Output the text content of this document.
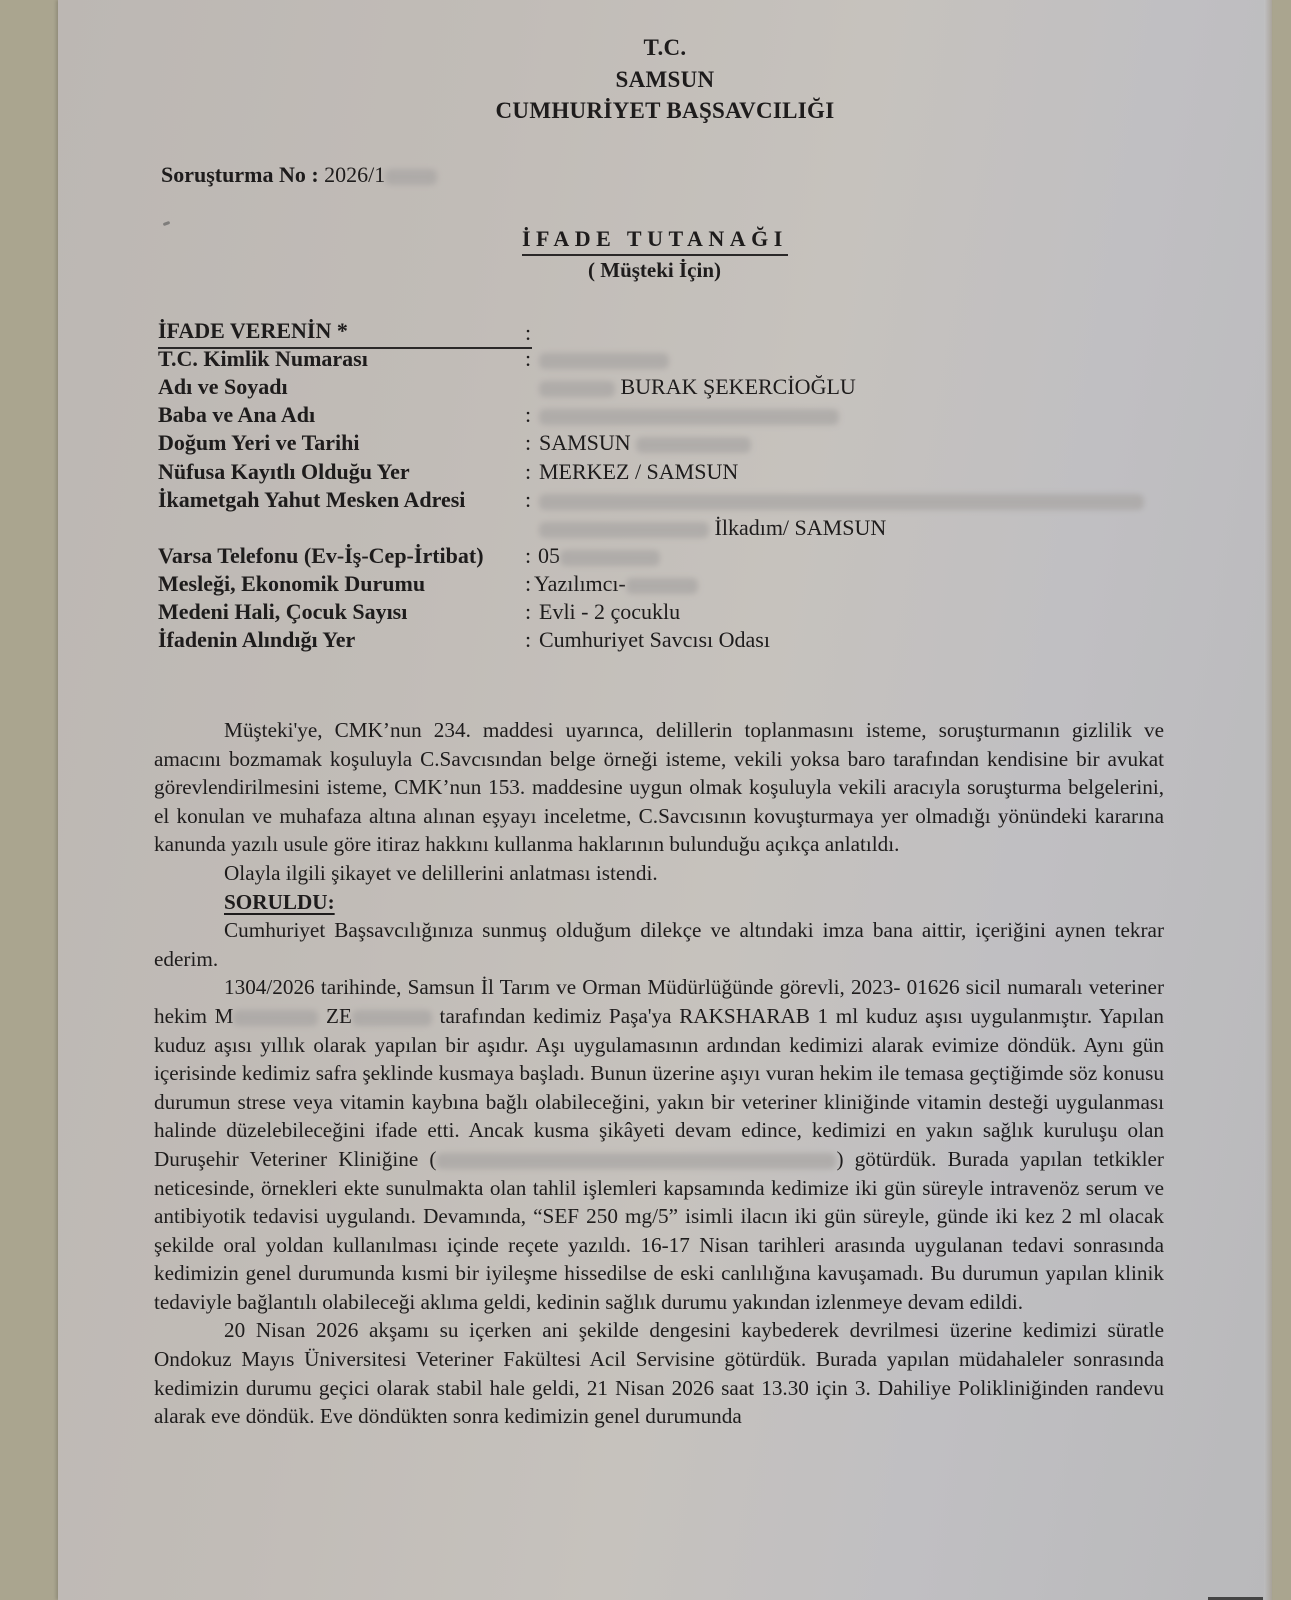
T.C.
SAMSUN
CUMHURİYET BAŞSAVCILIĞI
Soruşturma No : 2026/1
İFADE TUTANAĞI
( Müşteki İçin)
İFADE VERENİN *	:
T.C. Kimlik Numarası	:
Adı ve Soyadı	BURAK ŞEKERCİOĞLU
Baba ve Ana Adı	:
Doğum Yeri ve Tarihi	: SAMSUN
Nüfusa Kayıtlı Olduğu Yer	: MERKEZ / SAMSUN
İkametgah Yahut Mesken Adresi	:
İlkadım/ SAMSUN
Varsa Telefonu (Ev-İş-Cep-İrtibat) : 05
Mesleği, Ekonomik Durumu	: Yazılımcı-
Medeni Hali, Çocuk Sayısı	: Evli - 2 çocuklu
İfadenin Alındığı Yer	: Cumhuriyet Savcısı Odası

Müşteki'ye, CMK’nun 234. maddesi uyarınca, delillerin toplanmasını isteme, soruşturmanın gizlilik ve amacını bozmamak koşuluyla C.Savcısından belge örneği isteme, vekili yoksa baro tarafından kendisine bir avukat görevlendirilmesini isteme, CMK’nun 153. maddesine uygun olmak koşuluyla vekili aracıyla soruşturma belgelerini, el konulan ve muhafaza altına alınan eşyayı inceletme, C.Savcısının kovuşturmaya yer olmadığı yönündeki kararına kanunda yazılı usule göre itiraz hakkını kullanma haklarının bulunduğu açıkça anlatıldı.

Olayla ilgili şikayet ve delillerini anlatması istendi.

SORULDU:

Cumhuriyet Başsavcılığınıza sunmuş olduğum dilekçe ve altındaki imza bana aittir, içeriğini aynen tekrar ederim.

1304/2026 tarihinde, Samsun İl Tarım ve Orman Müdürlüğünde görevli, 2023- 01626 sicil numaralı veteriner hekim M	ZE	tarafından kedimiz Paşa'ya RAKSHARAB 1 ml kuduz aşısı uygulanmıştır. Yapılan kuduz aşısı yıllık olarak yapılan bir aşıdır. Aşı uygulamasının ardından kedimizi alarak evimize döndük. Aynı gün içerisinde kedimiz safra şeklinde kusmaya başladı. Bunun üzerine aşıyı vuran hekim ile temasa geçtiğimde söz konusu durumun strese veya vitamin kaybına bağlı olabileceğini, yakın bir veteriner kliniğinde vitamin desteği uygulanması halinde düzelebileceğini ifade etti. Ancak kusma şikâyeti devam edince, kedimizi en yakın sağlık kuruluşu olan Duruşehir Veteriner Kliniğine (	) götürdük. Burada yapılan tetkikler neticesinde, örnekleri ekte sunulmakta olan tahlil işlemleri kapsamında kedimize iki gün süreyle intravenöz serum ve antibiyotik tedavisi uygulandı. Devamında, “SEF 250 mg/5” isimli ilacın iki gün süreyle, günde iki kez 2 ml olacak şekilde oral yoldan kullanılması içinde reçete yazıldı. 16-17 Nisan tarihleri arasında uygulanan tedavi sonrasında kedimizin genel durumunda kısmi bir iyileşme hissedilse de eski canlılığına kavuşamadı. Bu durumun yapılan klinik tedaviyle bağlantılı olabileceği aklıma geldi, kedinin sağlık durumu yakından izlenmeye devam edildi.

20 Nisan 2026 akşamı su içerken ani şekilde dengesini kaybederek devrilmesi üzerine kedimizi süratle Ondokuz Mayıs Üniversitesi Veteriner Fakültesi Acil Servisine götürdük. Burada yapılan müdahaleler sonrasında kedimizin durumu geçici olarak stabil hale geldi, 21 Nisan 2026 saat 13.30 için 3. Dahiliye Polikliniğinden randevu alarak eve döndük. Eve döndükten sonra kedimizin genel durumunda
